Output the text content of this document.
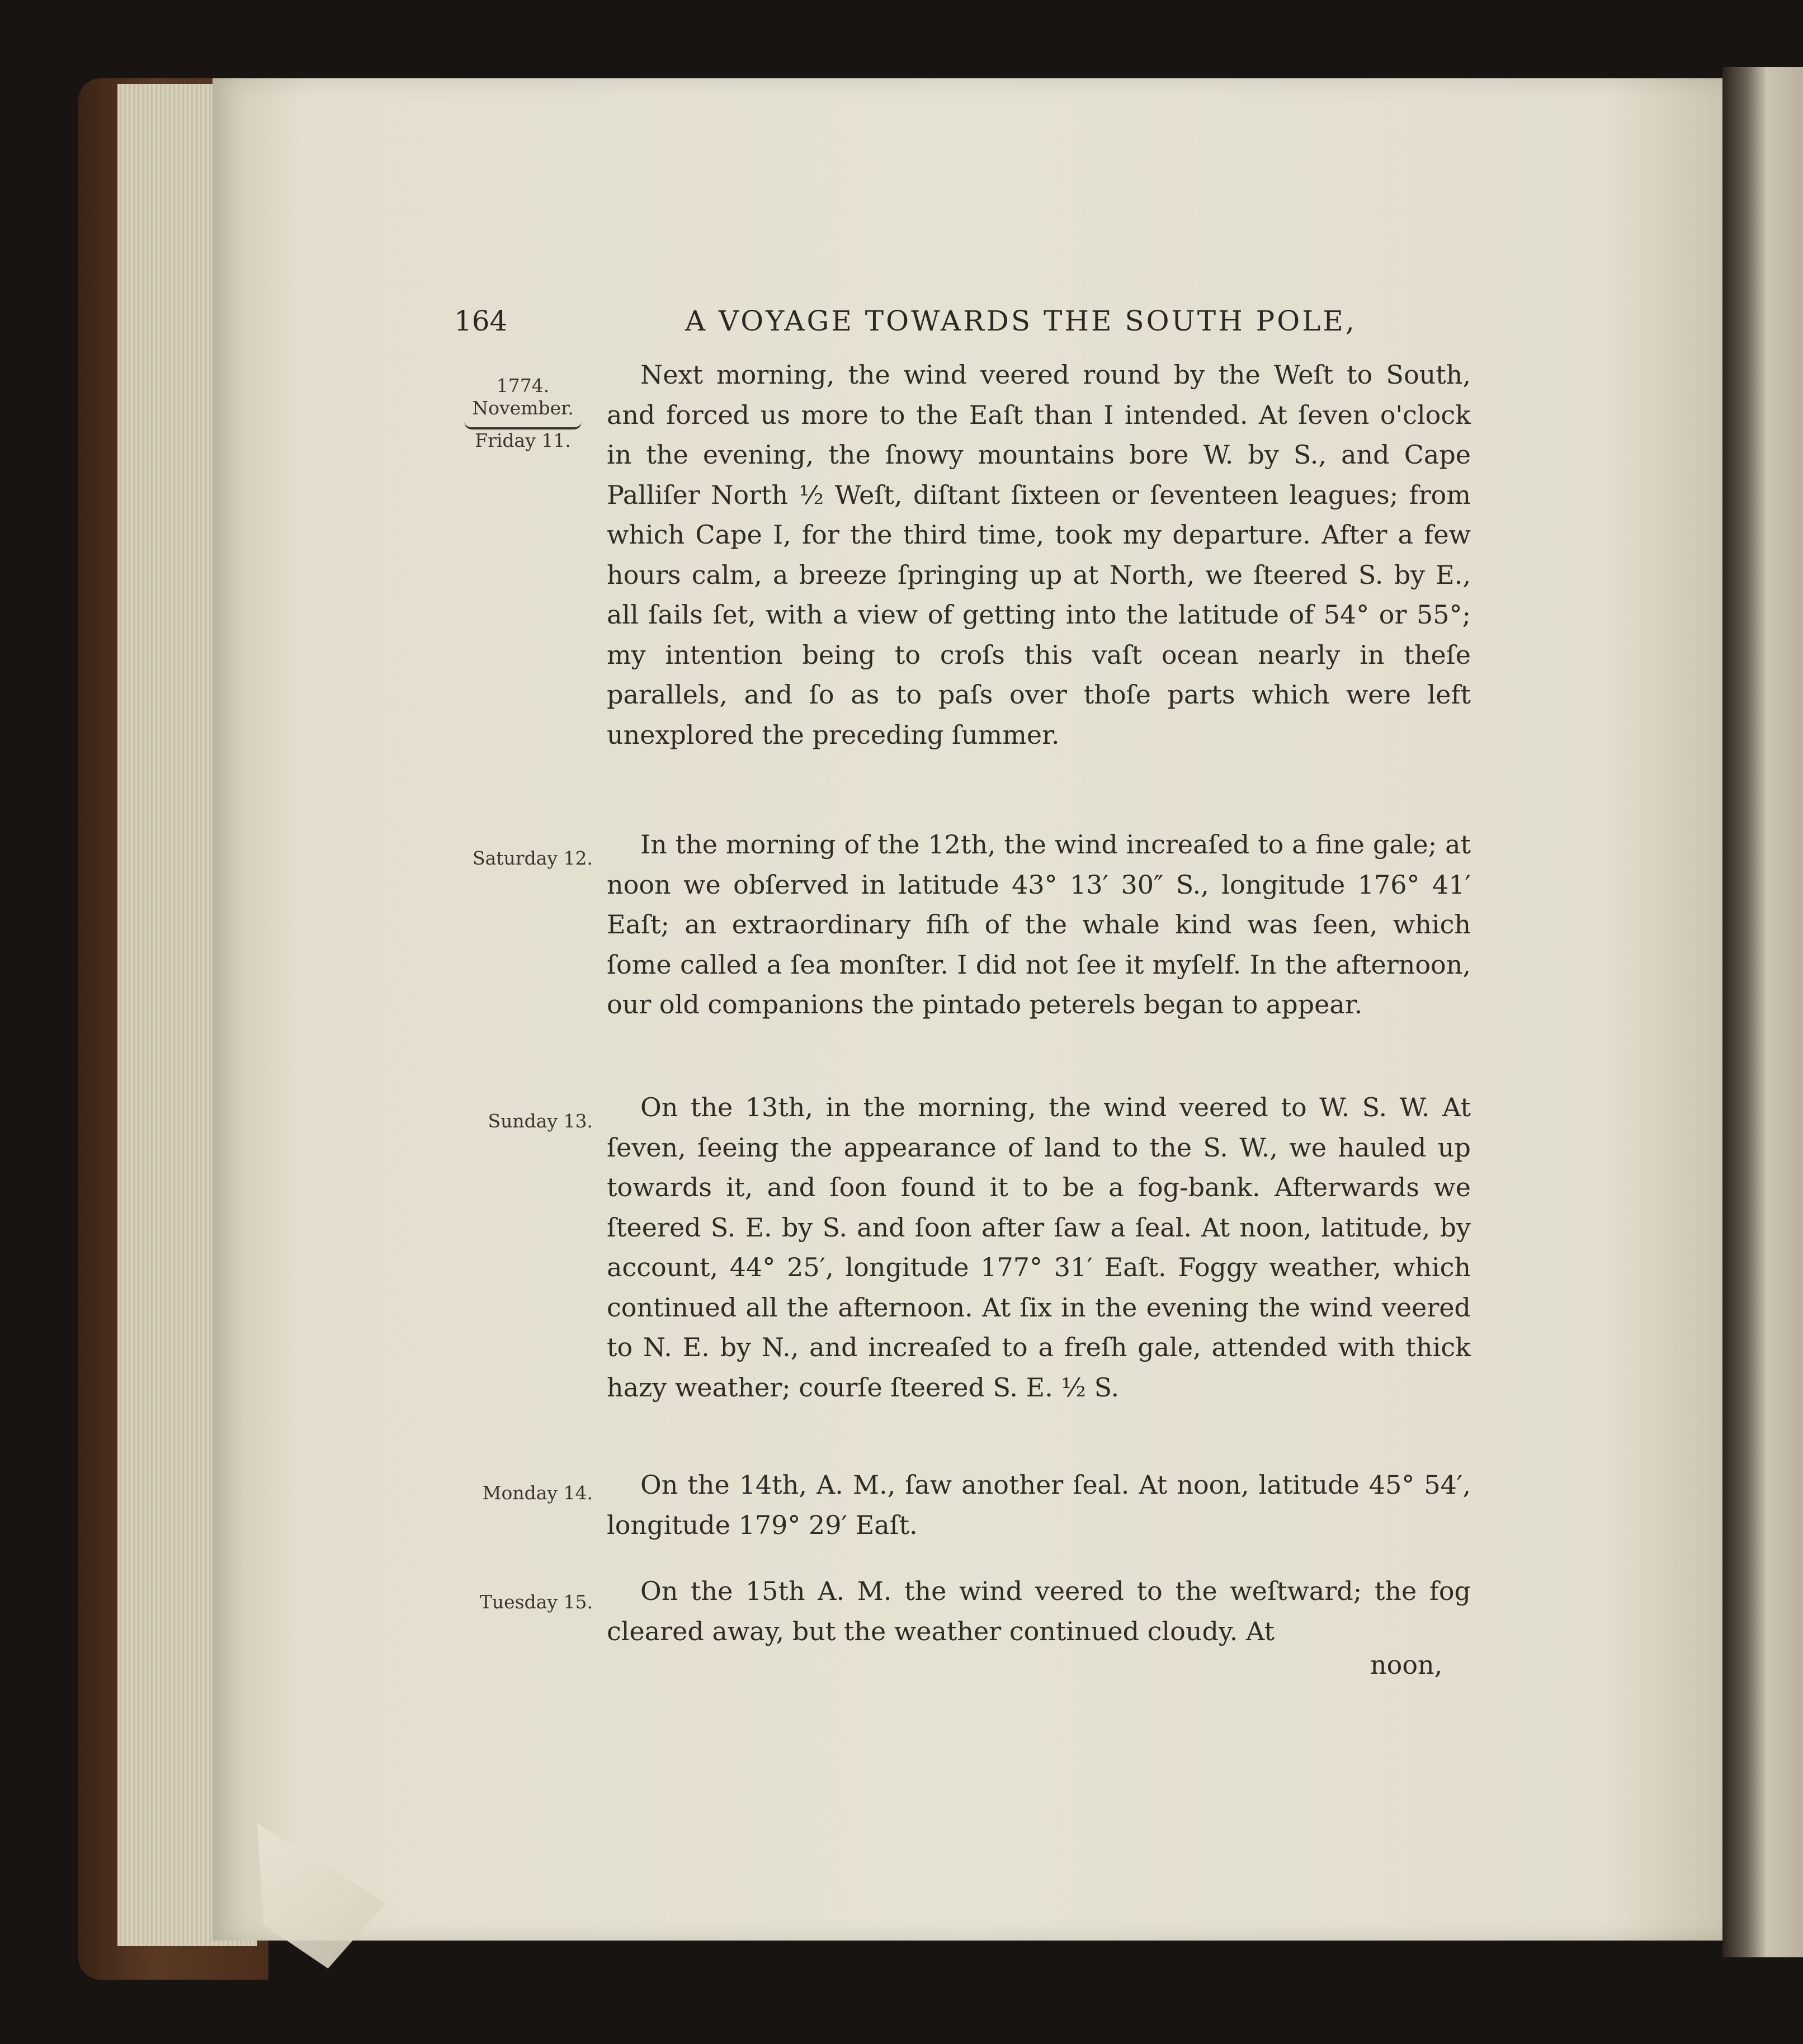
164	A VOYAGE TOWARDS THE SOUTH POLE,
1774.
November.
Friday 11.
Saturday 12.
Sunday 13.
Monday 14.
Tuesday 15.

Next morning, the wind veered round by the Weſt to South, and forced us more to the Eaſt than I intended. At ſeven o'clock in the evening, the ſnowy mountains bore W. by S., and Cape Palliſer North ½ Weſt, diſtant ſixteen or ſeventeen leagues; from which Cape I, for the third time, took my departure. After a few hours calm, a breeze ſpringing up at North, we ſteered S. by E., all ſails ſet, with a view of getting into the latitude of 54° or 55°; my intention being to croſs this vaſt ocean nearly in theſe parallels, and ſo as to paſs over thoſe parts which were left unexplored the preceding ſummer.

In the morning of the 12th, the wind increaſed to a fine gale; at noon we obſerved in latitude 43° 13′ 30″ S., longitude 176° 41′ Eaſt; an extraordinary fiſh of the whale kind was ſeen, which ſome called a ſea monſter. I did not ſee it myſelf. In the afternoon, our old companions the pintado peterels began to appear.

On the 13th, in the morning, the wind veered to W. S. W. At ſeven, ſeeing the appearance of land to the S. W., we hauled up towards it, and ſoon found it to be a fog-bank. Afterwards we ſteered S. E. by S. and ſoon after ſaw a ſeal. At noon, latitude, by account, 44° 25′, longitude 177° 31′ Eaſt. Foggy weather, which continued all the afternoon. At ſix in the evening the wind veered to N. E. by N., and increaſed to a freſh gale, attended with thick hazy weather; courſe ſteered S. E. ½ S.

On the 14th, A. M., ſaw another ſeal. At noon, latitude 45° 54′, longitude 179° 29′ Eaſt.

On the 15th A. M. the wind veered to the weſtward; the fog cleared away, but the weather continued cloudy. At

noon,
